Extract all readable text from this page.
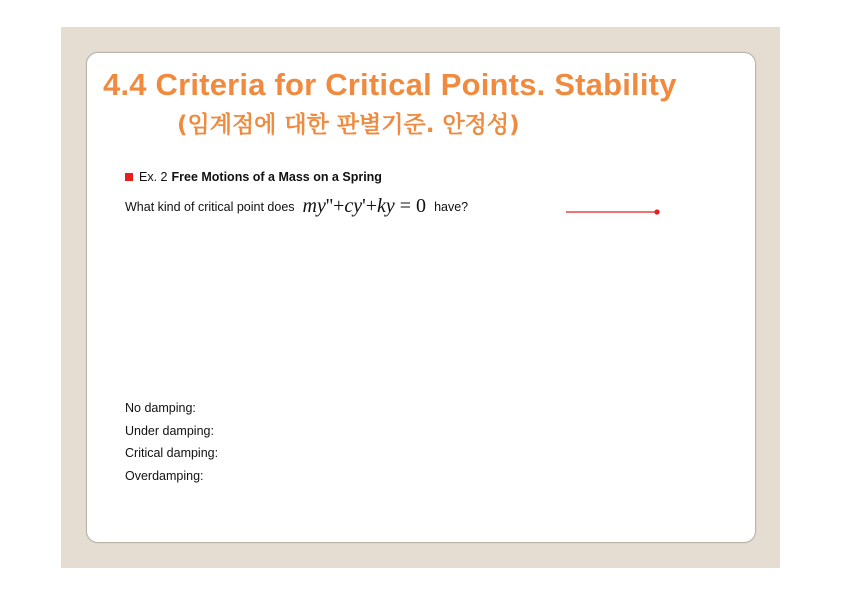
4.4 Criteria for Critical Points. Stability
(임계점에 대한 판별기준. 안정성)
Ex. 2 Free Motions of a Mass on a Spring
What kind of critical point does my''+cy'+ky = 0 have?
No damping:
Under damping:
Critical damping:
Overdamping:
